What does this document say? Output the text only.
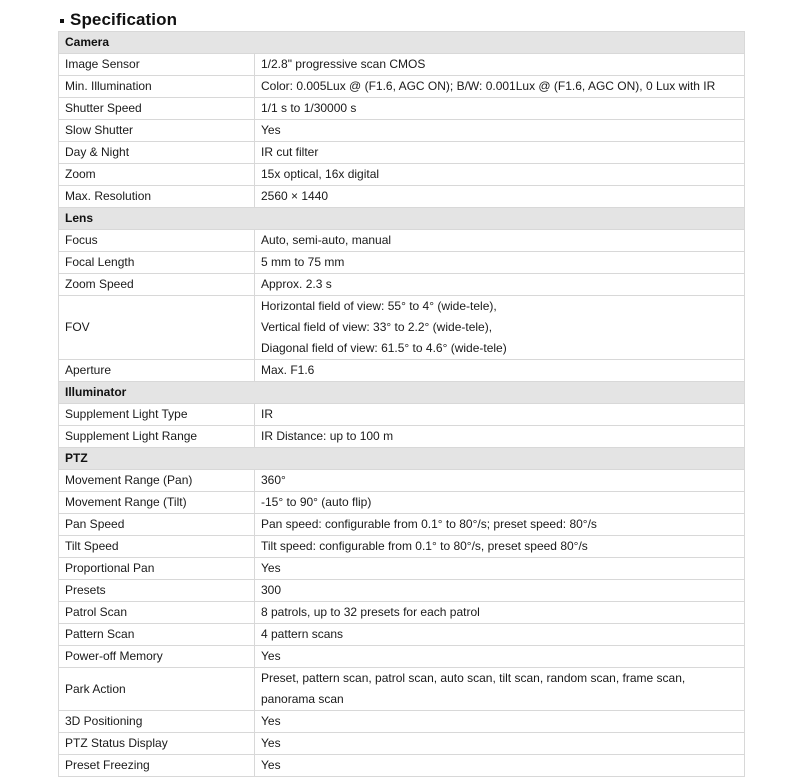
Specification
Camera	
Image Sensor	1/2.8" progressive scan CMOS

Min. Illumination	Color: 0.005Lux @ (F1.6, AGC ON); B/W: 0.001Lux @ (F1.6, AGC ON), 0 Lux with IR

Shutter Speed	1/1 s to 1/30000 s

Slow Shutter	Yes

Day & Night	IR cut filter

Zoom	15x optical, 16x digital

Max. Resolution	2560 × 1440

Lens	
Focus	Auto, semi-auto, manual

Focal Length	5 mm to 75 mm

Zoom Speed	Approx. 2.3 s

FOV	Horizontal field of view: 55° to 4° (wide-tele),
Vertical field of view: 33° to 2.2° (wide-tele),
Diagonal field of view: 61.5° to 4.6° (wide-tele)

Aperture	Max. F1.6

Illuminator	
Supplement Light Type	IR

Supplement Light Range	IR Distance: up to 100 m

PTZ	
Movement Range (Pan)	360°

Movement Range (Tilt)	-15° to 90° (auto flip)

Pan Speed	Pan speed: configurable from 0.1° to 80°/s; preset speed: 80°/s

Tilt Speed	Tilt speed: configurable from 0.1° to 80°/s, preset speed 80°/s

Proportional Pan	Yes

Presets	300

Patrol Scan	8 patrols, up to 32 presets for each patrol

Pattern Scan	4 pattern scans

Power-off Memory	Yes

Park Action	Preset, pattern scan, patrol scan, auto scan, tilt scan, random scan, frame scan,
panorama scan

3D Positioning	Yes

PTZ Status Display	Yes

Preset Freezing	Yes
